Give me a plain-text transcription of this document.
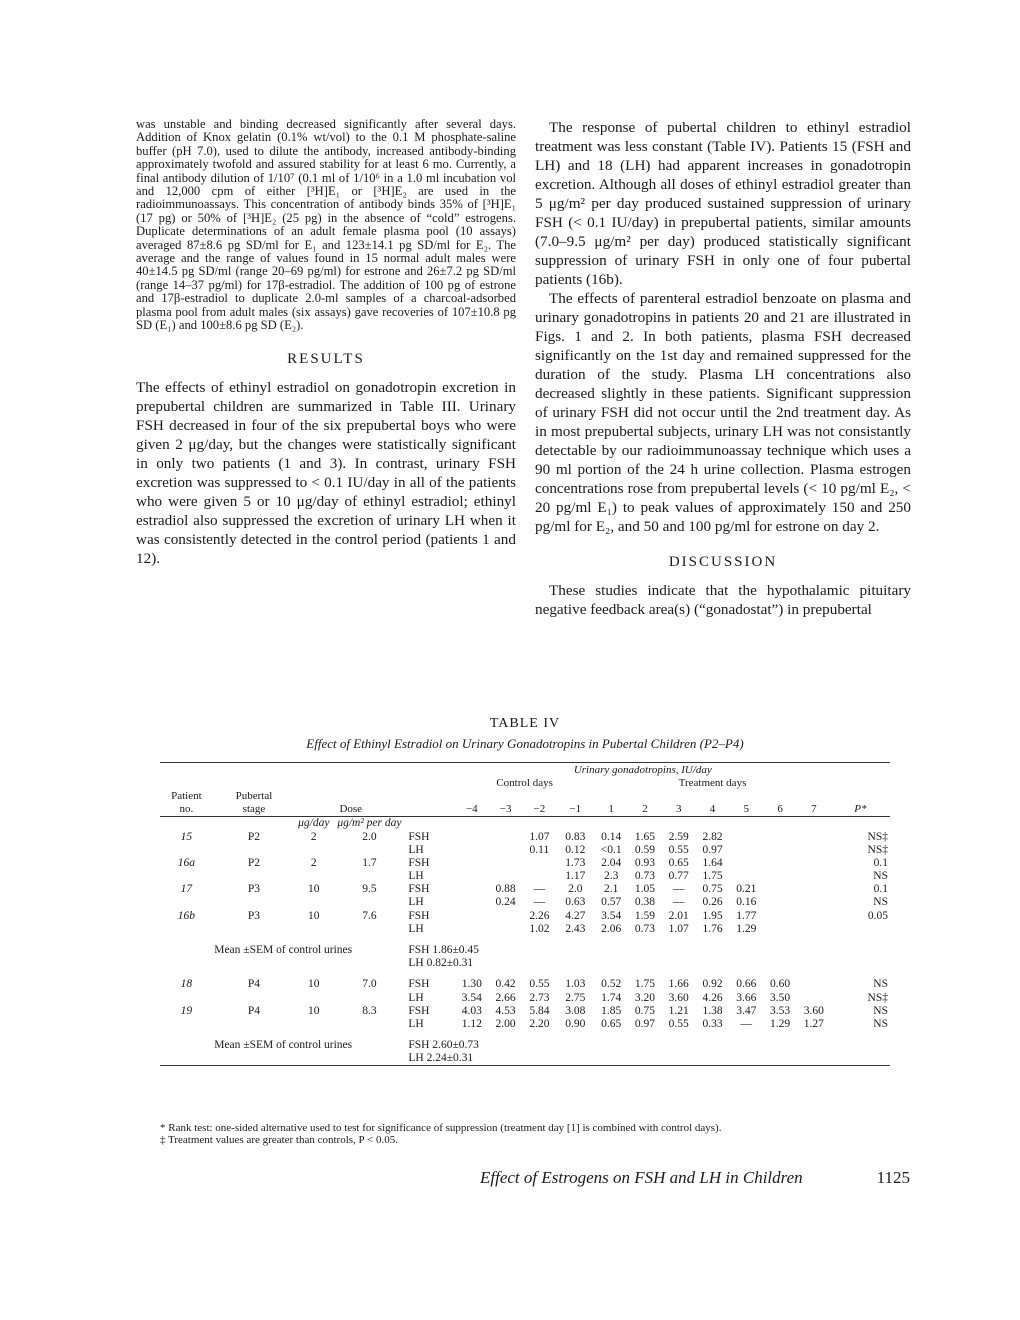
was unstable and binding decreased significantly after several days. Addition of Knox gelatin (0.1% wt/vol) to the 0.1 M phosphate-saline buffer (pH 7.0), used to dilute the antibody, increased antibody-binding approximately twofold and assured stability for at least 6 mo. Currently, a final antibody dilution of 1/10⁷ (0.1 ml of 1/10⁶ in a 1.0 ml incubation vol and 12,000 cpm of either [³H]E₁ or [³H]E₂ are used in the radioimmunoassays. This concentration of antibody binds 35% of [³H]E₁ (17 pg) or 50% of [³H]E₂ (25 pg) in the absence of “cold” estrogens. Duplicate determinations of an adult female plasma pool (10 assays) averaged 87±8.6 pg SD/ml for E₁ and 123±14.1 pg SD/ml for E₂. The average and the range of values found in 15 normal adult males were 40±14.5 pg SD/ml (range 20–69 pg/ml) for estrone and 26±7.2 pg SD/ml (range 14–37 pg/ml) for 17β-estradiol. The addition of 100 pg of estrone and 17β-estradiol to duplicate 2.0-ml samples of a charcoal-adsorbed plasma pool from adult males (six assays) gave recoveries of 107±10.8 pg SD (E₁) and 100±8.6 pg SD (E₂).

RESULTS

The effects of ethinyl estradiol on gonadotropin excretion in prepubertal children are summarized in Table III. Urinary FSH decreased in four of the six prepubertal boys who were given 2 μg/day, but the changes were statistically significant in only two patients (1 and 3). In contrast, urinary FSH excretion was suppressed to < 0.1 IU/day in all of the patients who were given 5 or 10 μg/day of ethinyl estradiol; ethinyl estradiol also suppressed the excretion of urinary LH when it was consistently detected in the control period (patients 1 and 12).

The response of pubertal children to ethinyl estradiol treatment was less constant (Table IV). Patients 15 (FSH and LH) and 18 (LH) had apparent increases in gonadotropin excretion. Although all doses of ethinyl estradiol greater than 5 μg/m² per day produced sustained suppression of urinary FSH (< 0.1 IU/day) in prepubertal patients, similar amounts (7.0–9.5 μg/m² per day) produced statistically significant suppression of urinary FSH in only one of four pubertal patients (16b).

The effects of parenteral estradiol benzoate on plasma and urinary gonadotropins in patients 20 and 21 are illustrated in Figs. 1 and 2. In both patients, plasma FSH decreased significantly on the 1st day and remained suppressed for the duration of the study. Plasma LH concentrations also decreased slightly in these patients. Significant suppression of urinary FSH did not occur until the 2nd treatment day. As in most prepubertal subjects, urinary LH was not consistantly detectable by our radioimmunoassay technique which uses a 90 ml portion of the 24 h urine collection. Plasma estrogen concentrations rose from prepubertal levels (< 10 pg/ml E₂, < 20 pg/ml E₁) to peak values of approximately 150 and 250 pg/ml for E₂, and 50 and 100 pg/ml for estrone on day 2.

DISCUSSION

These studies indicate that the hypothalamic pituitary negative feedback area(s) (“gonadostat”) in prepubertal

TABLE IV
Effect of Ethinyl Estradiol on Urinary Gonadotropins in Pubertal Children (P2–P4)
					Urinary gonadotropins, IU/day											
					Control days				Treatment days							
Patient	Pubertal															
no.	stage	Dose			−4	−3	−2	−1	1	2	3	4	5	6	7	P*
		μg/day	μg/m² per day													
15	P2	2	2.0	FSH			1.07	0.83	0.14	1.65	2.59	2.82				NS‡
				LH			0.11	0.12	<0.1	0.59	0.55	0.97				NS‡
16a	P2	2	1.7	FSH				1.73	2.04	0.93	0.65	1.64				0.1
				LH				1.17	2.3	0.73	0.77	1.75				NS
17	P3	10	9.5	FSH		0.88	—	2.0	2.1	1.05	—	0.75	0.21			0.1
				LH		0.24	—	0.63	0.57	0.38	—	0.26	0.16			NS
16b	P3	10	7.6	FSH			2.26	4.27	3.54	1.59	2.01	1.95	1.77			0.05
				LH			1.02	2.43	2.06	0.73	1.07	1.76	1.29			

Mean ±SEM of control urines				FSH 1.86±0.45												
				LH 0.82±0.31												

18	P4	10	7.0	FSH	1.30	0.42	0.55	1.03	0.52	1.75	1.66	0.92	0.66	0.60		NS
				LH	3.54	2.66	2.73	2.75	1.74	3.20	3.60	4.26	3.66	3.50		NS‡
19	P4	10	8.3	FSH	4.03	4.53	5.84	3.08	1.85	0.75	1.21	1.38	3.47	3.53	3.60	NS
				LH	1.12	2.00	2.20	0.90	0.65	0.97	0.55	0.33	—	1.29	1.27	NS

Mean ±SEM of control urines				FSH 2.60±0.73												
				LH 2.24±0.31												
* Rank test: one-sided alternative used to test for significance of suppression (treatment day [1] is combined with control days).
‡ Treatment values are greater than controls, P < 0.05.
Effect of Estrogens on FSH and LH in Children	1125
